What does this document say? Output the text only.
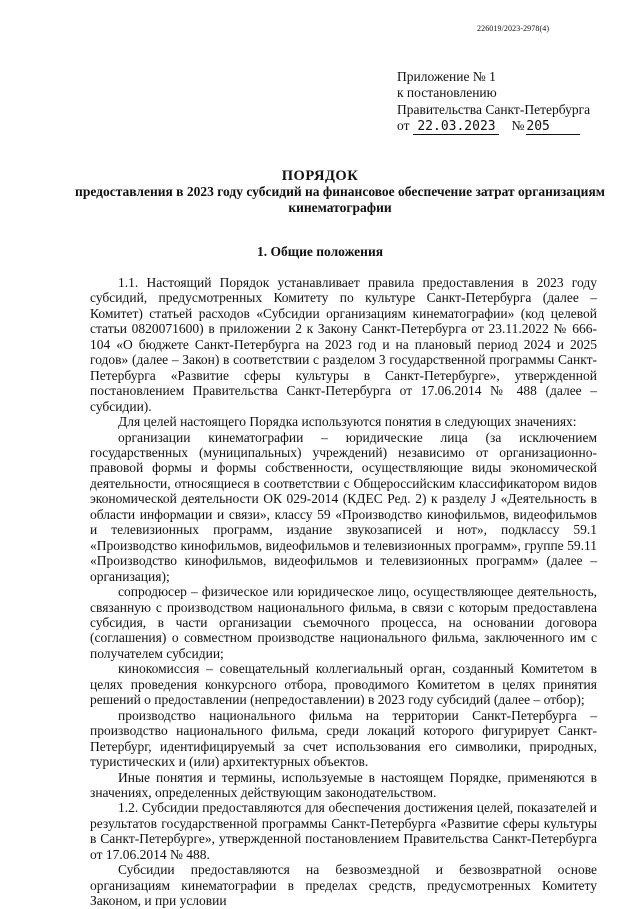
226019/2023-2978(4)
Приложение № 1
к постановлению
Правительства Санкт-Петербурга
от 22.03.2023 № 205
ПОРЯДОК
предоставления в 2023 году субсидий на финансовое обеспечение затрат организациям кинематографии
1. Общие положения

1.1. Настоящий Порядок устанавливает правила предоставления в 2023 году субсидий, предусмотренных Комитету по культуре Санкт-Петербурга (далее – Комитет) статьей расходов «Субсидии организациям кинематографии» (код целевой статьи 0820071600) в приложении 2 к Закону Санкт-Петербурга от 23.11.2022 № 666-104 «О бюджете Санкт-Петербурга на 2023 год и на плановый период 2024 и 2025 годов» (далее – Закон) в соответствии с разделом 3 государственной программы Санкт-Петербурга «Развитие сферы культуры в Санкт-Петербурге», утвержденной постановлением Правительства Санкт-Петербурга от 17.06.2014 № 488 (далее – субсидии).

Для целей настоящего Порядка используются понятия в следующих значениях:

организации кинематографии – юридические лица (за исключением государственных (муниципальных) учреждений) независимо от организационно-правовой формы и формы собственности, осуществляющие виды экономической деятельности, относящиеся в соответствии с Общероссийским классификатором видов экономической деятельности ОК 029-2014 (КДЕС Ред. 2) к разделу J «Деятельность в области информации и связи», классу 59 «Производство кинофильмов, видеофильмов и телевизионных программ, издание звукозаписей и нот», подклассу 59.1 «Производство кинофильмов, видеофильмов и телевизионных программ», группе 59.11 «Производство кинофильмов, видеофильмов и телевизионных программ» (далее – организация);

сопродюсер – физическое или юридическое лицо, осуществляющее деятельность, связанную с производством национального фильма, в связи с которым предоставлена субсидия, в части организации съемочного процесса, на основании договора (соглашения) о совместном производстве национального фильма, заключенного им с получателем субсидии;

кинокомиссия – совещательный коллегиальный орган, созданный Комитетом в целях проведения конкурсного отбора, проводимого Комитетом в целях принятия решений о предоставлении (непредоставлении) в 2023 году субсидий (далее – отбор);

производство национального фильма на территории Санкт-Петербурга – производство национального фильма, среди локаций которого фигурирует Санкт-Петербург, идентифицируемый за счет использования его символики, природных, туристических и (или) архитектурных объектов.

Иные понятия и термины, используемые в настоящем Порядке, применяются в значениях, определенных действующим законодательством.

1.2. Субсидии предоставляются для обеспечения достижения целей, показателей и результатов государственной программы Санкт-Петербурга «Развитие сферы культуры в Санкт-Петербурге», утвержденной постановлением Правительства Санкт-Петербурга от 17.06.2014 № 488.

Субсидии предоставляются на безвозмездной и безвозвратной основе организациям кинематографии в пределах средств, предусмотренных Комитету Законом, и при условии
